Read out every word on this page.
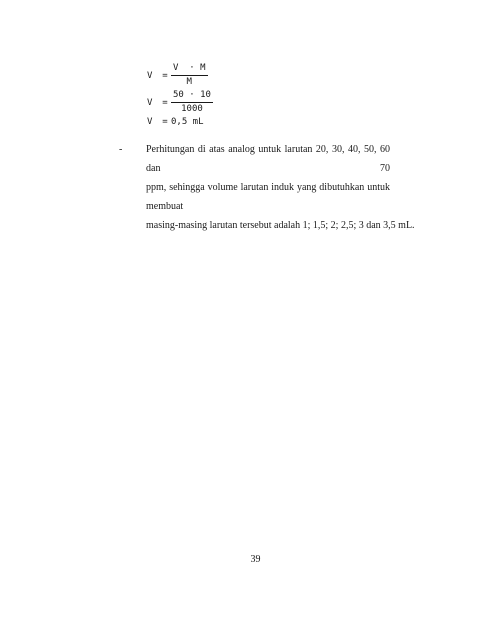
V	= $\frac{V \cdot M}{M}$
V	= $\frac{50 \cdot 10}{1000}$
V	= 0,5 mL
- Perhitungan di atas analog untuk larutan 20, 30, 40, 50, 60 dan 70
ppm, sehingga volume larutan induk yang dibutuhkan untuk membuat
masing-masing larutan tersebut adalah 1; 1,5; 2; 2,5; 3 dan 3,5 mL.
39
